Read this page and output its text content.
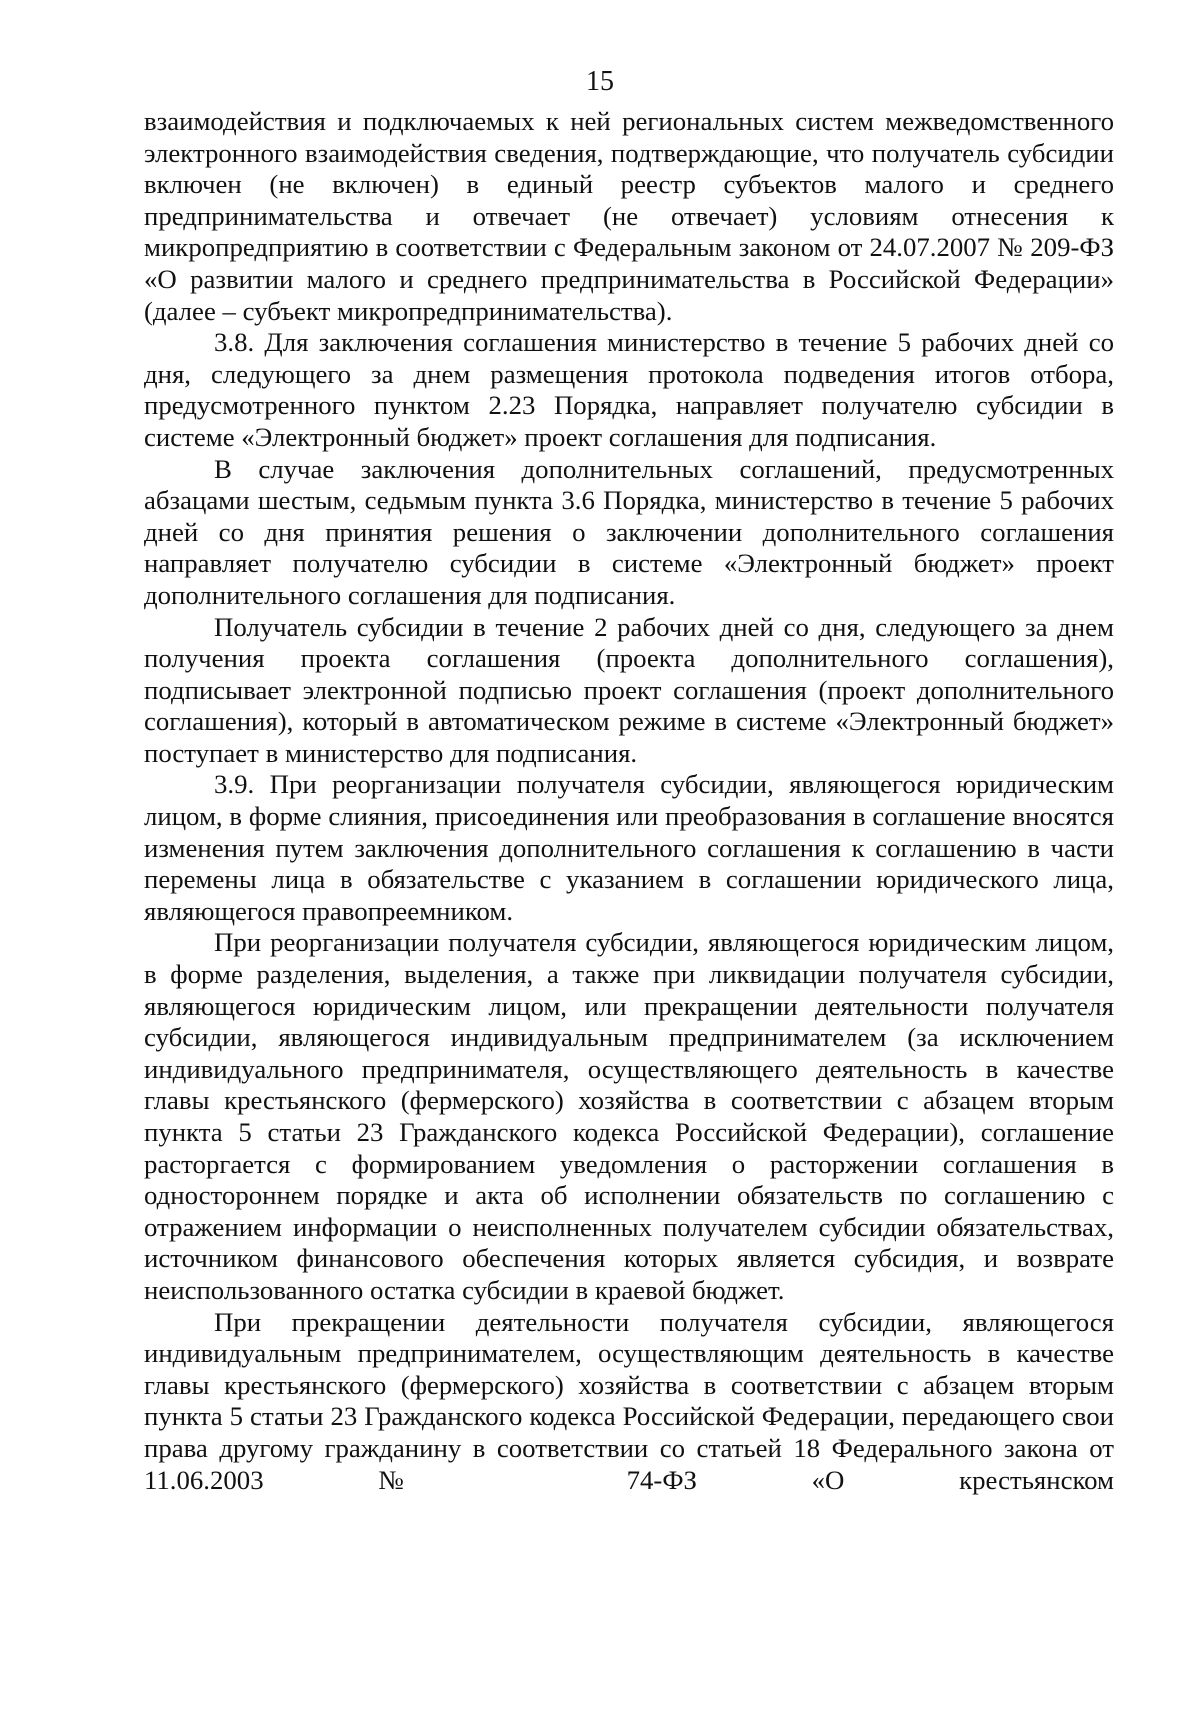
15

взаимодействия и подключаемых к ней региональных систем межведомственного электронного взаимодействия сведения, подтверждающие, что получатель субсидии включен (не включен) в единый реестр субъектов малого и среднего предпринимательства и отвечает (не отвечает) условиям отнесения к микропредприятию в соответствии с Федеральным законом от 24.07.2007 № 209-ФЗ «О развитии малого и среднего предпринимательства в Российской Федерации» (далее – субъект микропредпринимательства).

3.8. Для заключения соглашения министерство в течение 5 рабочих дней со дня, следующего за днем размещения протокола подведения итогов отбора, предусмотренного пунктом 2.23 Порядка, направляет получателю субсидии в системе «Электронный бюджет» проект соглашения для подписания.

В случае заключения дополнительных соглашений, предусмотренных абзацами шестым, седьмым пункта 3.6 Порядка, министерство в течение 5 рабочих дней со дня принятия решения о заключении дополнительного соглашения направляет получателю субсидии в системе «Электронный бюджет» проект дополнительного соглашения для подписания.

Получатель субсидии в течение 2 рабочих дней со дня, следующего за днем получения проекта соглашения (проекта дополнительного соглашения), подписывает электронной подписью проект соглашения (проект дополнительного соглашения), который в автоматическом режиме в системе «Электронный бюджет» поступает в министерство для подписания.

3.9. При реорганизации получателя субсидии, являющегося юридическим лицом, в форме слияния, присоединения или преобразования в соглашение вносятся изменения путем заключения дополнительного соглашения к соглашению в части перемены лица в обязательстве с указанием в соглашении юридического лица, являющегося правопреемником.

При реорганизации получателя субсидии, являющегося юридическим лицом, в форме разделения, выделения, а также при ликвидации получателя субсидии, являющегося юридическим лицом, или прекращении деятельности получателя субсидии, являющегося индивидуальным предпринимателем (за исключением индивидуального предпринимателя, осуществляющего деятельность в качестве главы крестьянского (фермерского) хозяйства в соответствии с абзацем вторым пункта 5 статьи 23 Гражданского кодекса Российской Федерации), соглашение расторгается с формированием уведомления о расторжении соглашения в одностороннем порядке и акта об исполнении обязательств по соглашению с отражением информации о неисполненных получателем субсидии обязательствах, источником финансового обеспечения которых является субсидия, и возврате неиспользованного остатка субсидии в краевой бюджет.

При прекращении деятельности получателя субсидии, являющегося индивидуальным предпринимателем, осуществляющим деятельность в качестве главы крестьянского (фермерского) хозяйства в соответствии с абзацем вторым пункта 5 статьи 23 Гражданского кодекса Российской Федерации, передающего свои права другому гражданину в соответствии со статьей 18 Федерального закона от 11.06.2003 № 74-ФЗ «О крестьянском
